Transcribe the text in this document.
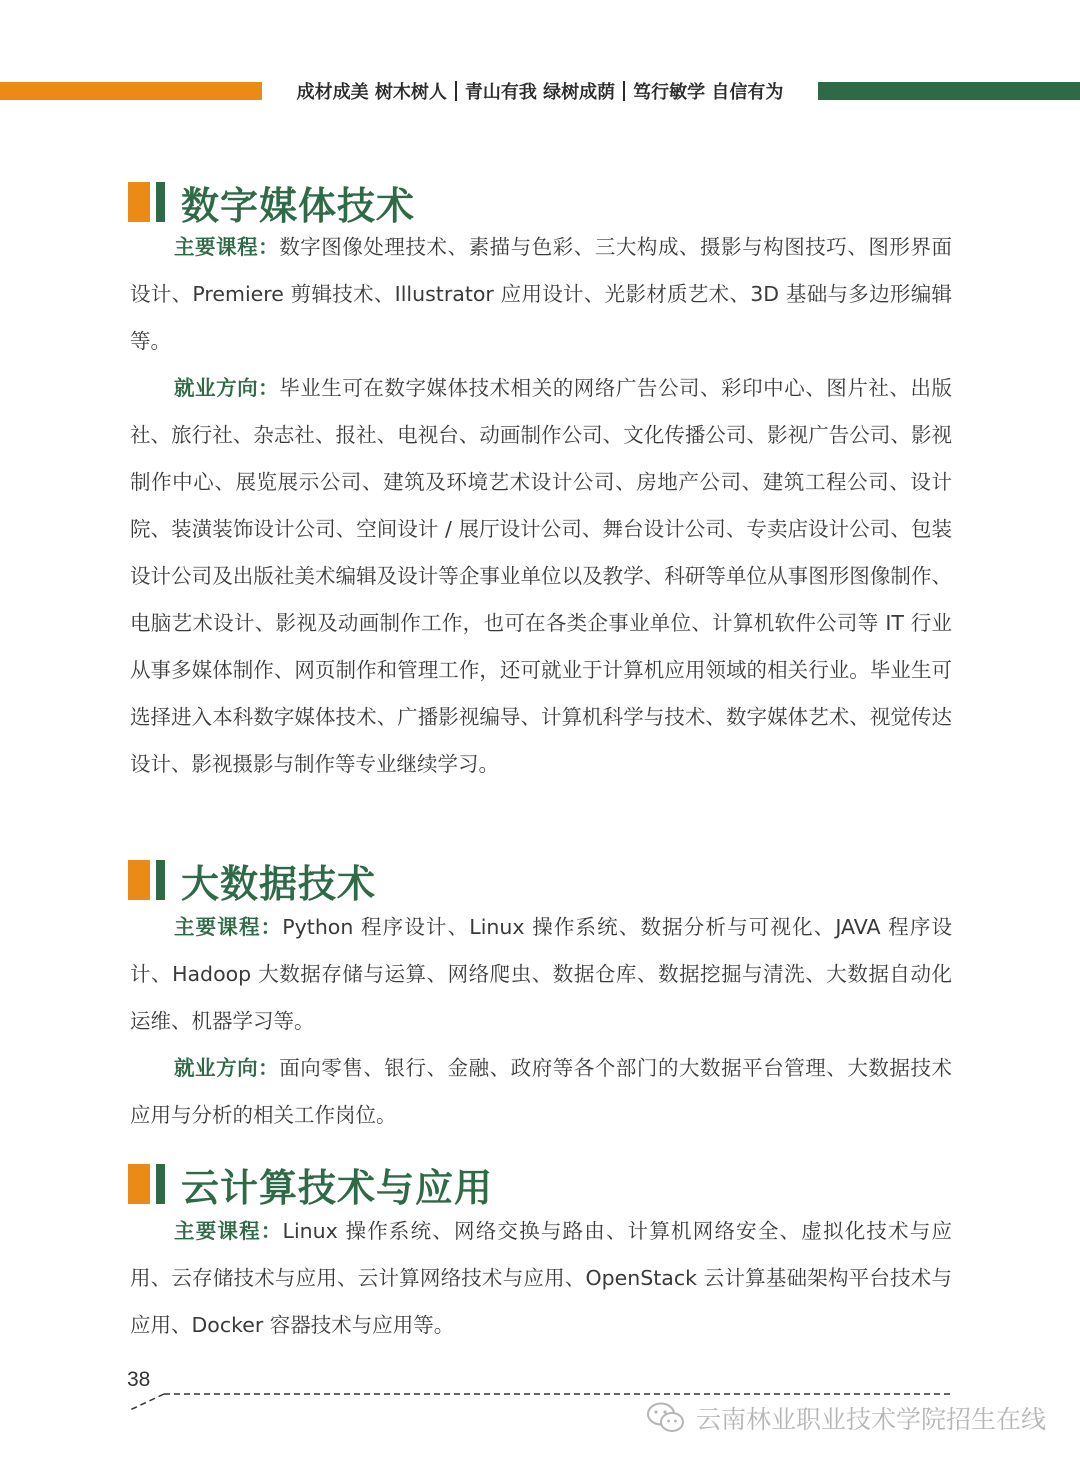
成材成美 树木树人	青山有我 绿树成荫	笃行敏学 自信有为
数字媒体技术

主要课程：数字图像处理技术、素描与色彩、三大构成、摄影与构图技巧、图形界面设计、Premiere 剪辑技术、Illustrator 应用设计、光影材质艺术、3D 基础与多边形编辑等。

就业方向：毕业生可在数字媒体技术相关的网络广告公司、彩印中心、图片社、出版社、旅行社、杂志社、报社、电视台、动画制作公司、文化传播公司、影视广告公司、影视制作中心、展览展示公司、建筑及环境艺术设计公司、房地产公司、建筑工程公司、设计院、装潢装饰设计公司、空间设计 / 展厅设计公司、舞台设计公司、专卖店设计公司、包装设计公司及出版社美术编辑及设计等企事业单位以及教学、科研等单位从事图形图像制作、电脑艺术设计、影视及动画制作工作，也可在各类企事业单位、计算机软件公司等 IT 行业从事多媒体制作、网页制作和管理工作，还可就业于计算机应用领域的相关行业。毕业生可选择进入本科数字媒体技术、广播影视编导、计算机科学与技术、数字媒体艺术、视觉传达设计、影视摄影与制作等专业继续学习。

大数据技术

主要课程：Python 程序设计、Linux 操作系统、数据分析与可视化、JAVA 程序设计、Hadoop 大数据存储与运算、网络爬虫、数据仓库、数据挖掘与清洗、大数据自动化运维、机器学习等。

就业方向：面向零售、银行、金融、政府等各个部门的大数据平台管理、大数据技术应用与分析的相关工作岗位。

云计算技术与应用

主要课程：Linux 操作系统、网络交换与路由、计算机网络安全、虚拟化技术与应用、云存储技术与应用、云计算网络技术与应用、OpenStack 云计算基础架构平台技术与应用、Docker 容器技术与应用等。

38
云南林业职业技术学院招生在线
